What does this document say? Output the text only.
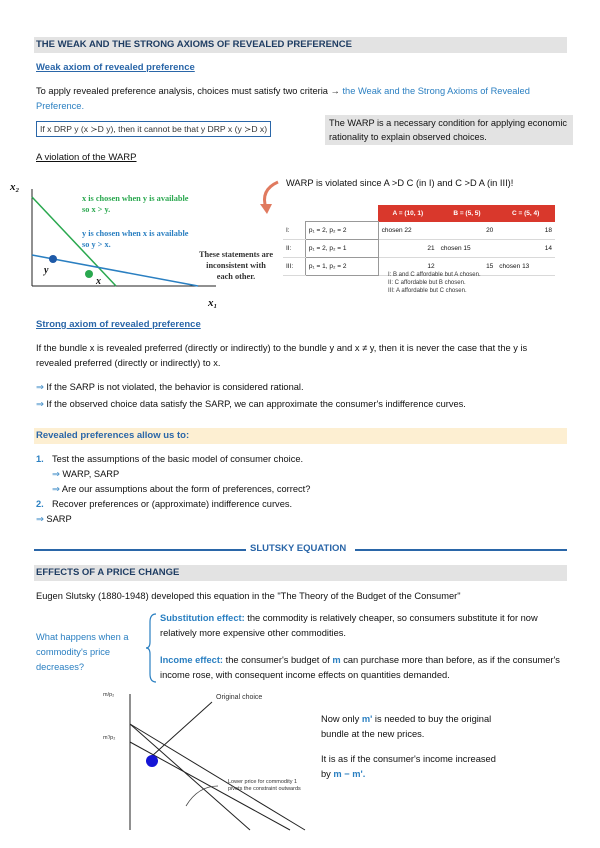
THE WEAK AND THE STRONG AXIOMS OF REVEALED PREFERENCE
Weak axiom of revealed preference
To apply revealed preference analysis, choices must satisfy two criteria → the Weak and the Strong Axioms of Revealed Preference.
If x DRP y (x ≻D y), then it cannot be that y DRP x (y ≻D x)
The WARP is a necessary condition for applying economic rationality to explain observed choices.
A violation of the WARP
x₂
x₁
y
x
x is chosen when y is available
so x > y.
y is chosen when x is available
so y > x.
These statements are
inconsistent with
each other.
WARP is violated since A >D C (in I) and C >D A (in III)!
		A = (10, 1)	B = (5, 5)	C = (5, 4)
I:	p₁ = 2, p₂ = 2	chosen 22	20	18
II:	p₁ = 2, p₂ = 1	21	chosen 15	14
III:	p₁ = 1, p₂ = 2	12	15	chosen 13
I: B and C affordable but A chosen.
II: C affordable but B chosen.
III: A affordable but C chosen.
Strong axiom of revealed preference
If the bundle x is revealed preferred (directly or indirectly) to the bundle y and x ≠ y, then it is never the case that the y is revealed preferred (directly or indirectly) to x.
⇒ If the SARP is not violated, the behavior is considered rational.
⇒ If the observed choice data satisfy the SARP, we can approximate the consumer's indifference curves.
Revealed preferences allow us to:
1. Test the assumptions of the basic model of consumer choice.
⇒ WARP, SARP
⇒ Are our assumptions about the form of preferences, correct?
2. Recover preferences or (approximate) indifference curves.
⇒ SARP
SLUTSKY EQUATION
EFFECTS OF A PRICE CHANGE
Eugen Slutsky (1880-1948) developed this equation in the "The Theory of the Budget of the Consumer"
What happens when a commodity's price decreases?
Substitution effect: the commodity is relatively cheaper, so consumers substitute it for now relatively more expensive other commodities.
Income effect: the consumer's budget of m can purchase more than before, as if the consumer's income rose, with consequent income effects on quantities demanded.
m/p₂
m'/p₂
Original choice
Lower price for commodity 1
pivots the constraint outwards
Now only m' is needed to buy the original bundle at the new prices.
It is as if the consumer's income increased by m − m'.
